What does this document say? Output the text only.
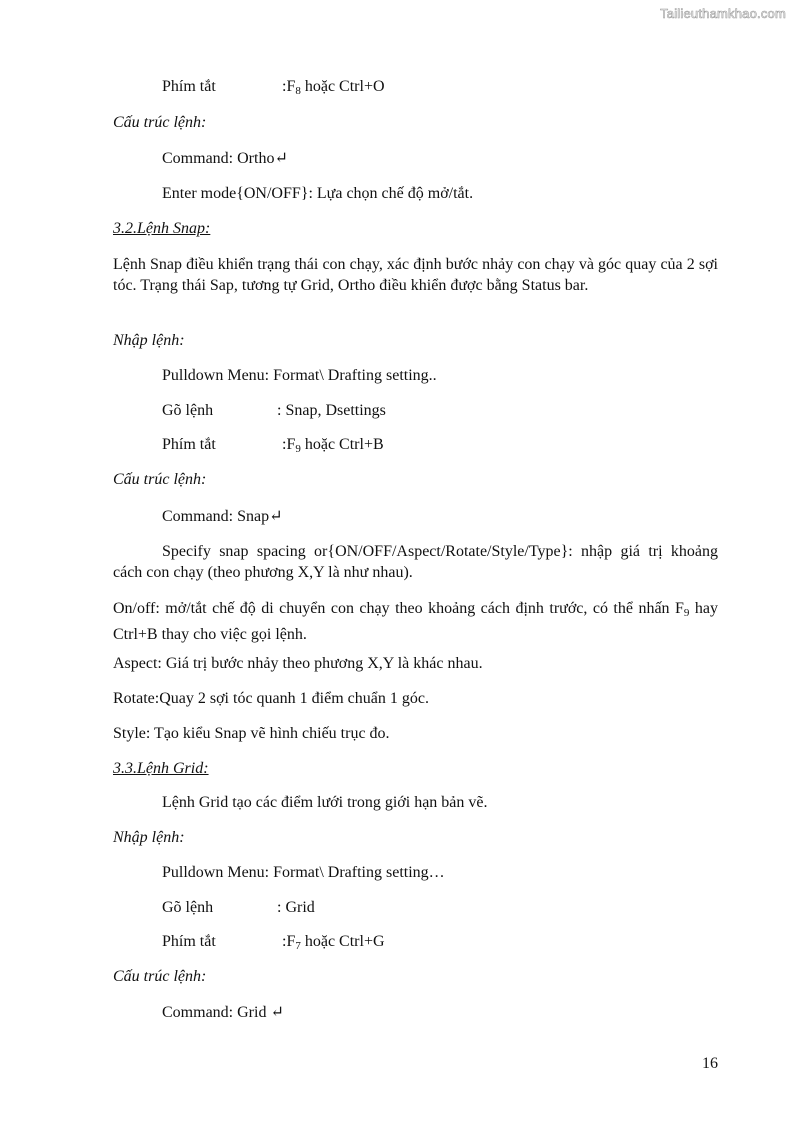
Tailieuthamkhao.com
Phím tắt	$:F_8$ hoặc Ctrl+O
Cấu trúc lệnh:
Command: Ortho↵
Enter mode{ON/OFF}: Lựa chọn chế độ mở/tắt.
3.2.Lệnh Snap:
Lệnh Snap điều khiển trạng thái con chạy, xác định bước nhảy con chạy và góc quay của 2 sợi tóc. Trạng thái Sap, tương tự Grid, Ortho điều khiển được bằng Status bar.
Nhập lệnh:
Pulldown Menu: Format\ Drafting setting..
Gõ lệnh	: Snap, Dsettings
Phím tắt	$:F_9$ hoặc Ctrl+B
Cấu trúc lệnh:
Command: Snap↵
Specify snap spacing or{ON/OFF/Aspect/Rotate/Style/Type}: nhập giá trị khoảng cách con chạy (theo phương X,Y là như nhau).
On/off: mở/tắt chế độ di chuyển con chạy theo khoảng cách định trước, có thể nhấn $F_9$ hay Ctrl+B thay cho việc gọi lệnh.
Aspect: Giá trị bước nhảy theo phương X,Y là khác nhau.
Rotate:Quay 2 sợi tóc quanh 1 điểm chuẩn 1 góc.
Style: Tạo kiểu Snap vẽ hình chiếu trục đo.
3.3.Lệnh Grid:
Lệnh Grid tạo các điểm lưới trong giới hạn bản vẽ.
Nhập lệnh:
Pulldown Menu: Format\ Drafting setting…
Gõ lệnh	: Grid
Phím tắt	$:F_7$ hoặc Ctrl+G
Cấu trúc lệnh:
Command: Grid ↵
16
